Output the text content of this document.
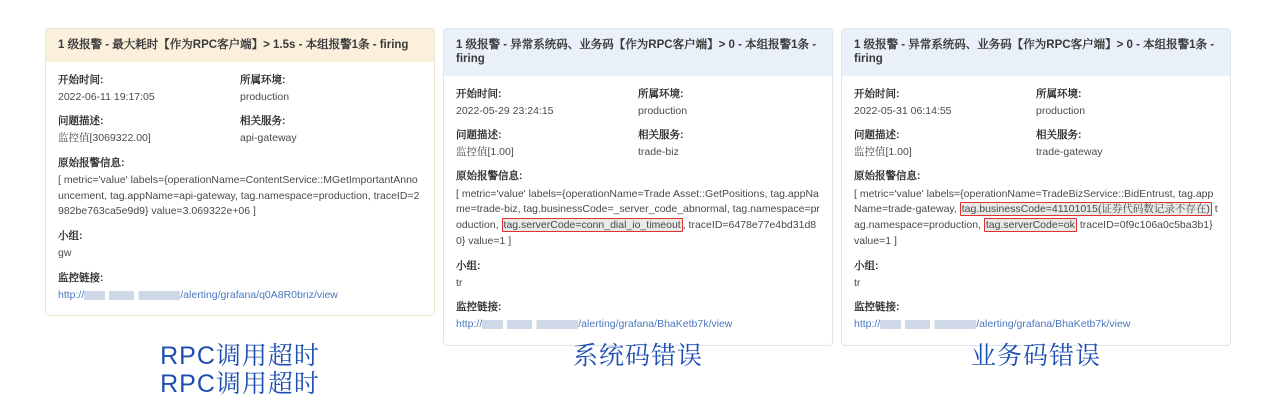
1 级报警 - 最大耗时【作为RPC客户端】> 1.5s - 本组报警1条 - firing
开始时间:
2022-06-11 19:17:05
所属环境:
production
问题描述:
监控值[3069322.00]
相关服务:
api-gateway
原始报警信息:
[ metric='value' labels={operationName=ContentService::MGetImportantAnnouncement, tag.appName=api-gateway, tag.namespace=production, traceID=2982be763ca5e9d9} value=3.069322e+06 ]
小组:
gw
监控链接:
http://	/alerting/grafana/q0A8R0bnz/view
RPC调用超时
1 级报警 - 异常系统码、业务码【作为RPC客户端】> 0 - 本组报警1条 - firing
开始时间:
2022-05-29 23:24:15
所属环境:
production
问题描述:
监控值[1.00]
相关服务:
trade-biz
原始报警信息:
[ metric='value' labels={operationName=Trade Asset::GetPositions, tag.appName=trade-biz, tag.businessCode=_server_code_abnormal, tag.namespace=production, tag.serverCode=conn_dial_io_timeout , traceID=6478e77e4bd31d80} value=1 ]
小组:
tr
监控链接:
http://	/alerting/grafana/BhaKetb7k/view
1 级报警 - 异常系统码、业务码【作为RPC客户端】> 0 - 本组报警1条 - firing
开始时间:
2022-05-31 06:14:55
所属环境:
production
问题描述:
监控值[1.00]
相关服务:
trade-gateway
原始报警信息:
[ metric='value' labels={operationName=TradeBizService::BidEntrust, tag.appName=trade-gateway, tag.businessCode=41101015(证券代码数记录不存在) tag.namespace=production, tag.serverCode=ok traceID=0f9c106a0c5ba3b1} value=1 ]
小组:
tr
监控链接:
http://	/alerting/grafana/BhaKetb7k/view
RPC调用超时	系统码错误	业务码错误
